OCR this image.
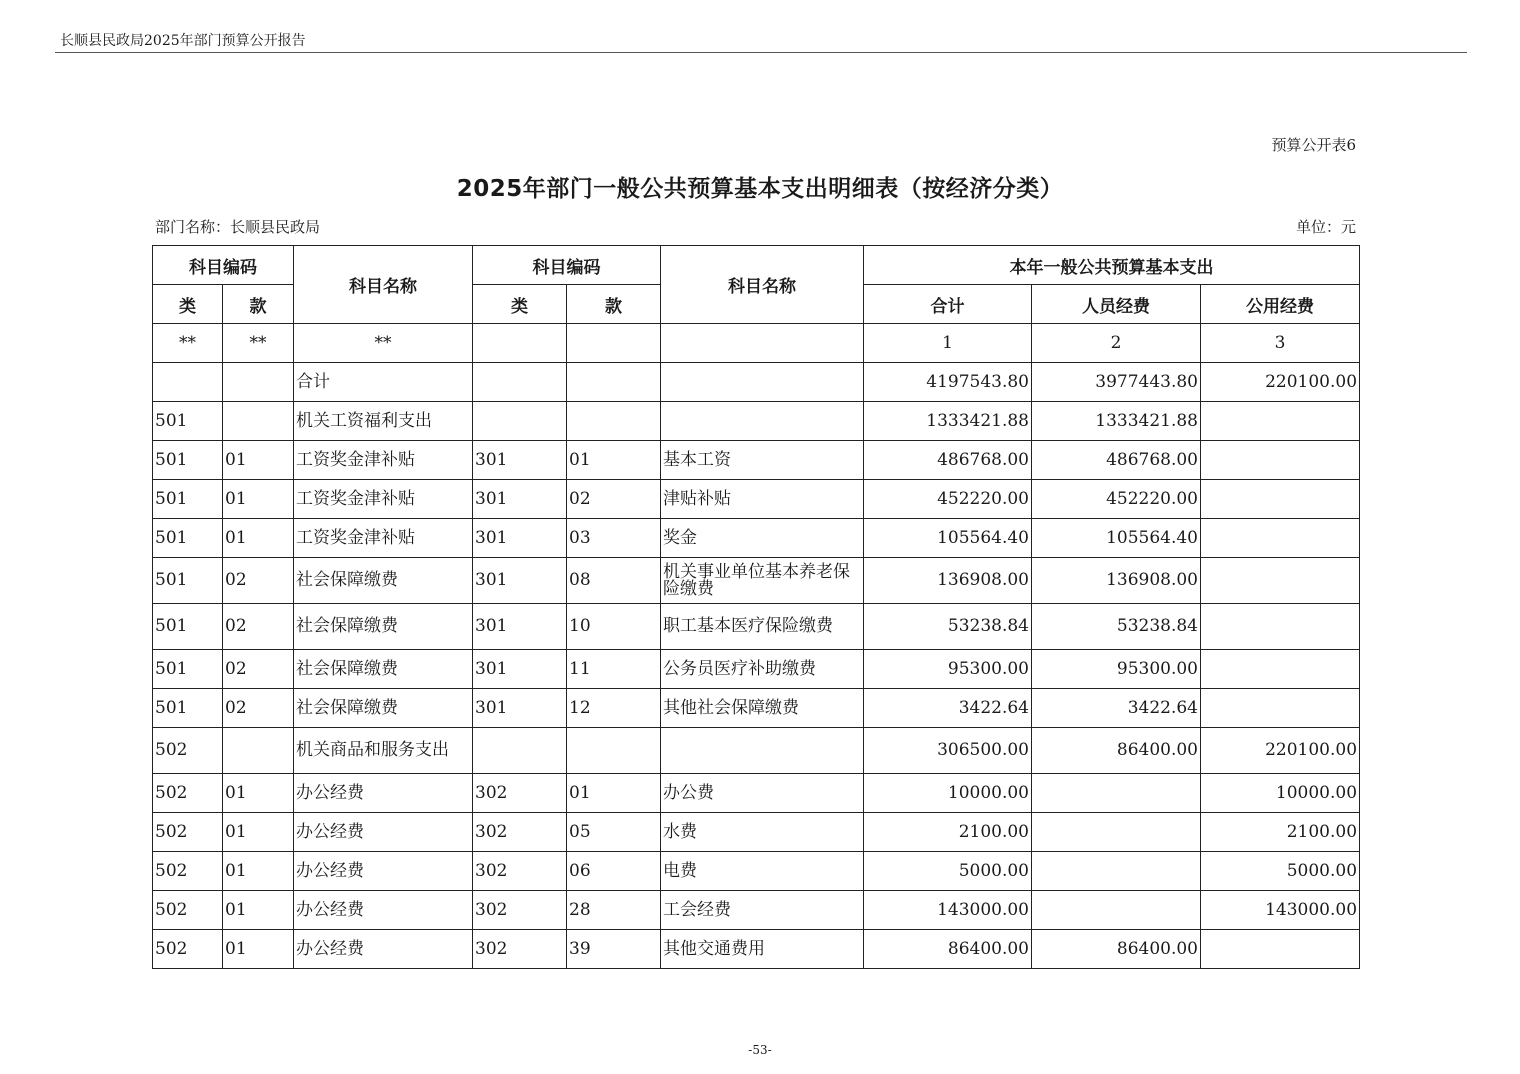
长顺县民政局2025年部门预算公开报告
预算公开表6
2025年部门一般公共预算基本支出明细表（按经济分类）
部门名称：长顺县民政局	单位：元
科目编码		科目名称	科目编码		科目名称	本年一般公共预算基本支出		
类	款		类	款		合计	人员经费	公用经费
**	**	**				1	2	3
		合计				4197543.80	3977443.80	220100.00
501		机关工资福利支出				1333421.88	1333421.88	
501	01	工资奖金津补贴	301	01	基本工资	486768.00	486768.00	
501	01	工资奖金津补贴	301	02	津贴补贴	452220.00	452220.00	
501	01	工资奖金津补贴	301	03	奖金	105564.40	105564.40	
501	02	社会保障缴费	301	08	机关事业单位基本养老保险缴费	136908.00	136908.00	
501	02	社会保障缴费	301	10	职工基本医疗保险缴费	53238.84	53238.84	
501	02	社会保障缴费	301	11	公务员医疗补助缴费	95300.00	95300.00	
501	02	社会保障缴费	301	12	其他社会保障缴费	3422.64	3422.64	
502		机关商品和服务支出				306500.00	86400.00	220100.00
502	01	办公经费	302	01	办公费	10000.00		10000.00
502	01	办公经费	302	05	水费	2100.00		2100.00
502	01	办公经费	302	06	电费	5000.00		5000.00
502	01	办公经费	302	28	工会经费	143000.00		143000.00
502	01	办公经费	302	39	其他交通费用	86400.00	86400.00	
-53-
